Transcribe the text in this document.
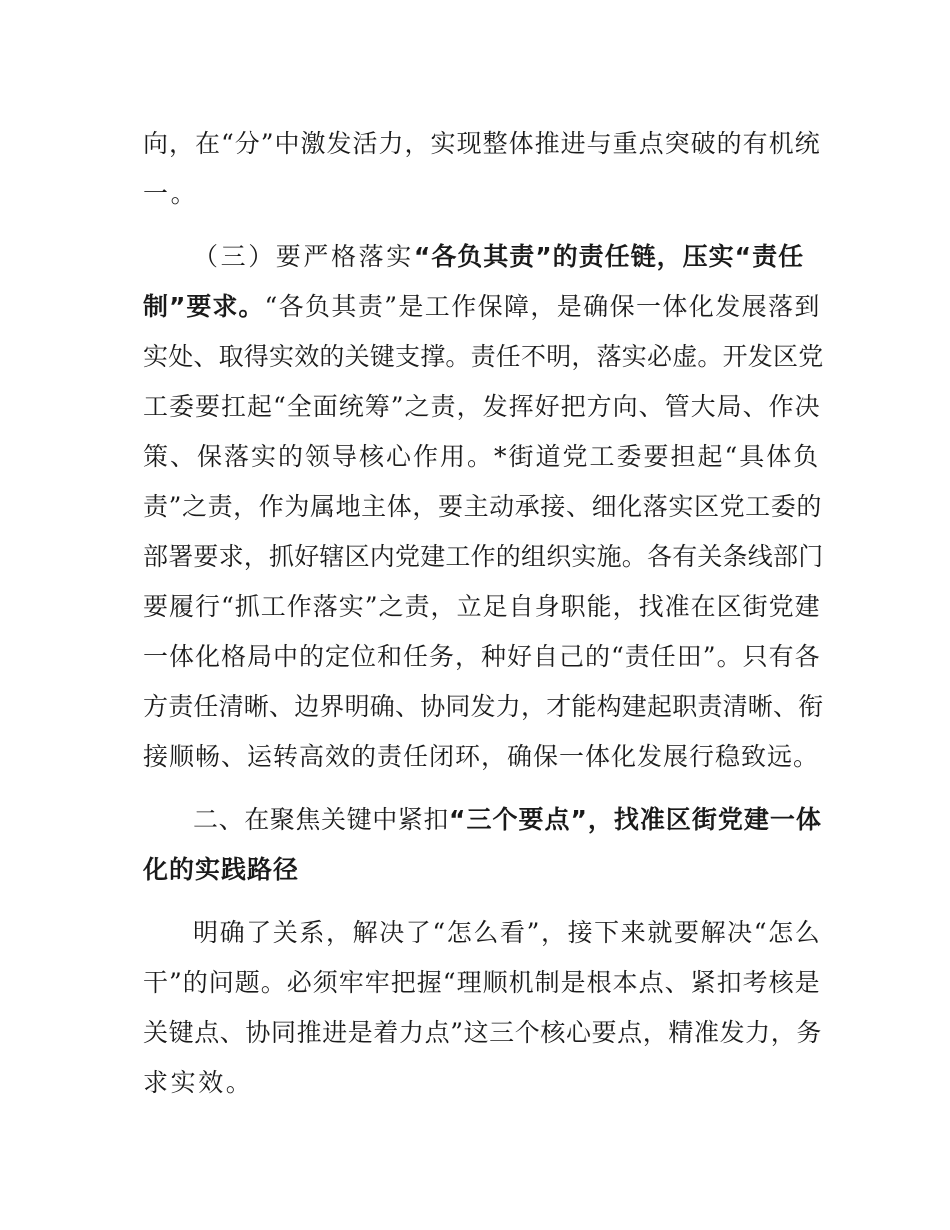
向，在“分”中激发活力，实现整体推进与重点突破的有机统
一。
（三）要严格落实“各负其责”的责任链，压实“责任
制”要求。“各负其责”是工作保障，是确保一体化发展落到
实处、取得实效的关键支撑。责任不明，落实必虚。开发区党
工委要扛起“全面统筹”之责，发挥好把方向、管大局、作决
策、保落实的领导核心作用。*街道党工委要担起“具体负
责”之责，作为属地主体，要主动承接、细化落实区党工委的
部署要求，抓好辖区内党建工作的组织实施。各有关条线部门
要履行“抓工作落实”之责，立足自身职能，找准在区街党建
一体化格局中的定位和任务，种好自己的“责任田”。只有各
方责任清晰、边界明确、协同发力，才能构建起职责清晰、衔
接顺畅、运转高效的责任闭环，确保一体化发展行稳致远。
二、在聚焦关键中紧扣“三个要点”，找准区街党建一体
化的实践路径
明确了关系，解决了“怎么看”，接下来就要解决“怎么
干”的问题。必须牢牢把握“理顺机制是根本点、紧扣考核是
关键点、协同推进是着力点”这三个核心要点，精准发力，务
求实效。
